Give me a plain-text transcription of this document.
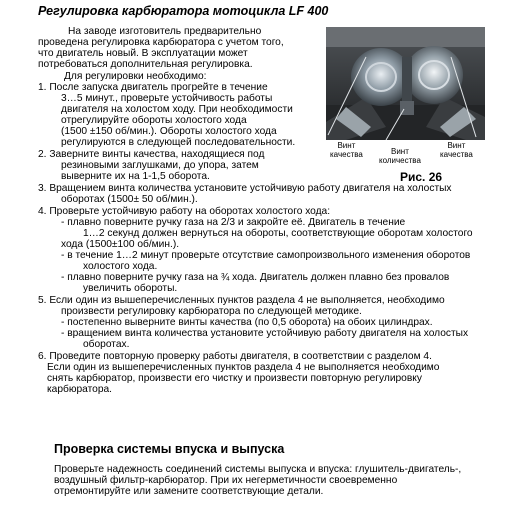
Регулировка карбюратора мотоцикла LF 400
На заводе изготовитель предварительно
проведена регулировка карбюратора с учетом того,
что двигатель новый. В эксплуатации может
потребоваться дополнительная регулировка.
Для регулировки необходимо:
1. После запуска двигатель прогрейте в течение
3…5 минут., проверьте устойчивость работы
двигателя на холостом ходу. При необходимости
отрегулируйте обороты холостого хода
(1500 ±150 об/мин.). Обороты холостого хода
регулируются в следующей последовательности.
2. Заверните винты качества, находящиеся под
резиновыми заглушками, до упора, затем
выверните их на 1-1,5 оборота.
3. Вращением винта количества установите устойчивую работу двигателя на холостых
оборотах (1500± 50 об/мин.).
4. Проверьте устойчивую работу на оборотах холостого хода:
- плавно поверните ручку газа на 2/3 и закройте её. Двигатель в течение
1…2 секунд должен вернуться на обороты, соответствующие оборотам холостого
хода (1500±100 об/мин.).
- в течение 1…2 минут проверьте отсутствие самопроизвольного изменения оборотов
холостого хода.
- плавно поверните ручку газа на ¾ хода. Двигатель должен плавно без провалов
увеличить обороты.
5. Если один из вышеперечисленных пунктов раздела 4 не выполняется, необходимо
произвести регулировку карбюратора по следующей методике.
- постепенно выверните винты качества (по 0,5 оборота) на обоих цилиндрах.
- вращением винта количества установите устойчивую работу двигателя на холостых
оборотах.
6. Проведите повторную проверку работы двигателя, в соответствии с разделом 4.
Если один из вышеперечисленных пунктов раздела 4 не выполняется необходимо
снять карбюратор, произвести его чистку и произвести повторную регулировку
карбюратора.
Проверка системы впуска и выпуска
Проверьте надежность соединений системы выпуска и впуска: глушитель-двигатель-,
воздушный фильтр-карбюратор. При их негерметичности своевременно
отремонтируйте или замените соответствующие детали.
Винт
качества	Винт
количества
Винт
качества
Рис. 26
